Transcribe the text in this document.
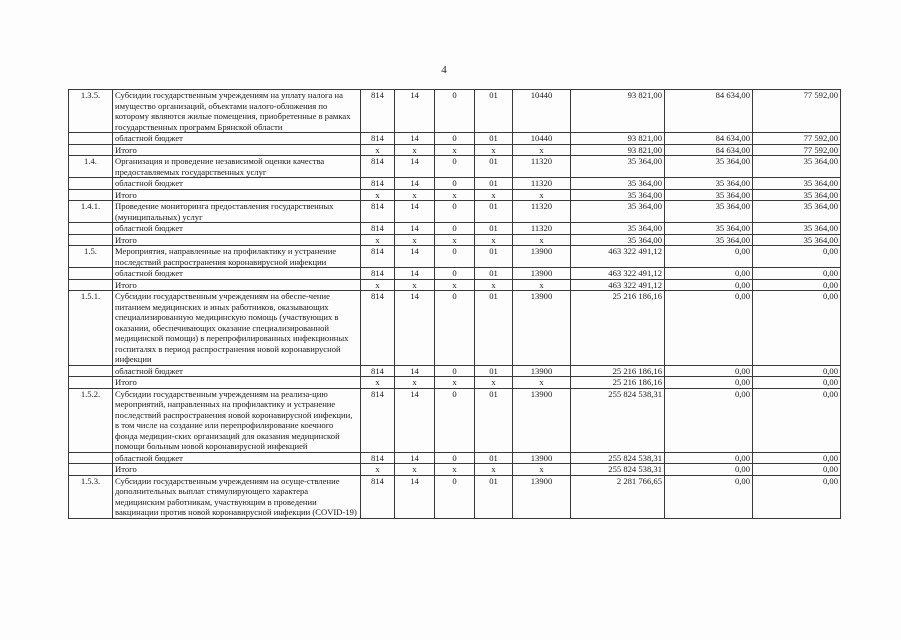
4
1.3.5.	Субсидии государственным учреждениям на уплату налога на имущество организаций, объектами налого-обложения по которому являются жилые помещения, приобретенные в рамках государственных программ Брянской области	814	14	0	01	10440	93 821,00	84 634,00	77 592,00
	областной бюджет	814	14	0	01	10440	93 821,00	84 634,00	77 592,00
	Итого	х	х	х	х	х	93 821,00	84 634,00	77 592,00
1.4.	Организация и проведение независимой оценки качества предоставляемых государственных услуг	814	14	0	01	11320	35 364,00	35 364,00	35 364,00
	областной бюджет	814	14	0	01	11320	35 364,00	35 364,00	35 364,00
	Итого	х	х	х	х	х	35 364,00	35 364,00	35 364,00
1.4.1.	Проведение мониторинга предоставления государственных (муниципальных) услуг	814	14	0	01	11320	35 364,00	35 364,00	35 364,00
	областной бюджет	814	14	0	01	11320	35 364,00	35 364,00	35 364,00
	Итого	х	х	х	х	х	35 364,00	35 364,00	35 364,00
1.5.	Мероприятия, направленные на профилактику и устранение последствий распространения коронавирусной инфекции	814	14	0	01	13900	463 322 491,12	0,00	0,00
	областной бюджет	814	14	0	01	13900	463 322 491,12	0,00	0,00
	Итого	х	х	х	х	х	463 322 491,12	0,00	0,00
1.5.1.	Субсидии государственным учреждениям на обеспе-чение питанием медицинских и иных работников, оказывающих специализированную медицинскую помощь (участвующих в оказании, обеспечивающих оказание специализированной медицинской помощи) в перепрофилированных инфекционных госпиталях в период распространения новой коронавирусной инфекции	814	14	0	01	13900	25 216 186,16	0,00	0,00
	областной бюджет	814	14	0	01	13900	25 216 186,16	0,00	0,00
	Итого	х	х	х	х	х	25 216 186,16	0,00	0,00
1.5.2.	Субсидии государственным учреждениям на реализа-цию мероприятий, направленных на профилактику и устранение последствий распространения новой коронавирусной инфекции, в том числе на создание или перепрофилирование коечного фонда медицин-ских организаций для оказания медицинской помощи больным новой коронавирусной инфекцией	814	14	0	01	13900	255 824 538,31	0,00	0,00
	областной бюджет	814	14	0	01	13900	255 824 538,31	0,00	0,00
	Итого	х	х	х	х	х	255 824 538,31	0,00	0,00
1.5.3.	Субсидии государственным учреждениям на осуще-ствление дополнительных выплат стимулирующего характера медицинским работникам, участвующим в проведении вакцинации против новой коронавирусной инфекции (COVID-19)	814	14	0	01	13900	2 281 766,65	0,00	0,00
